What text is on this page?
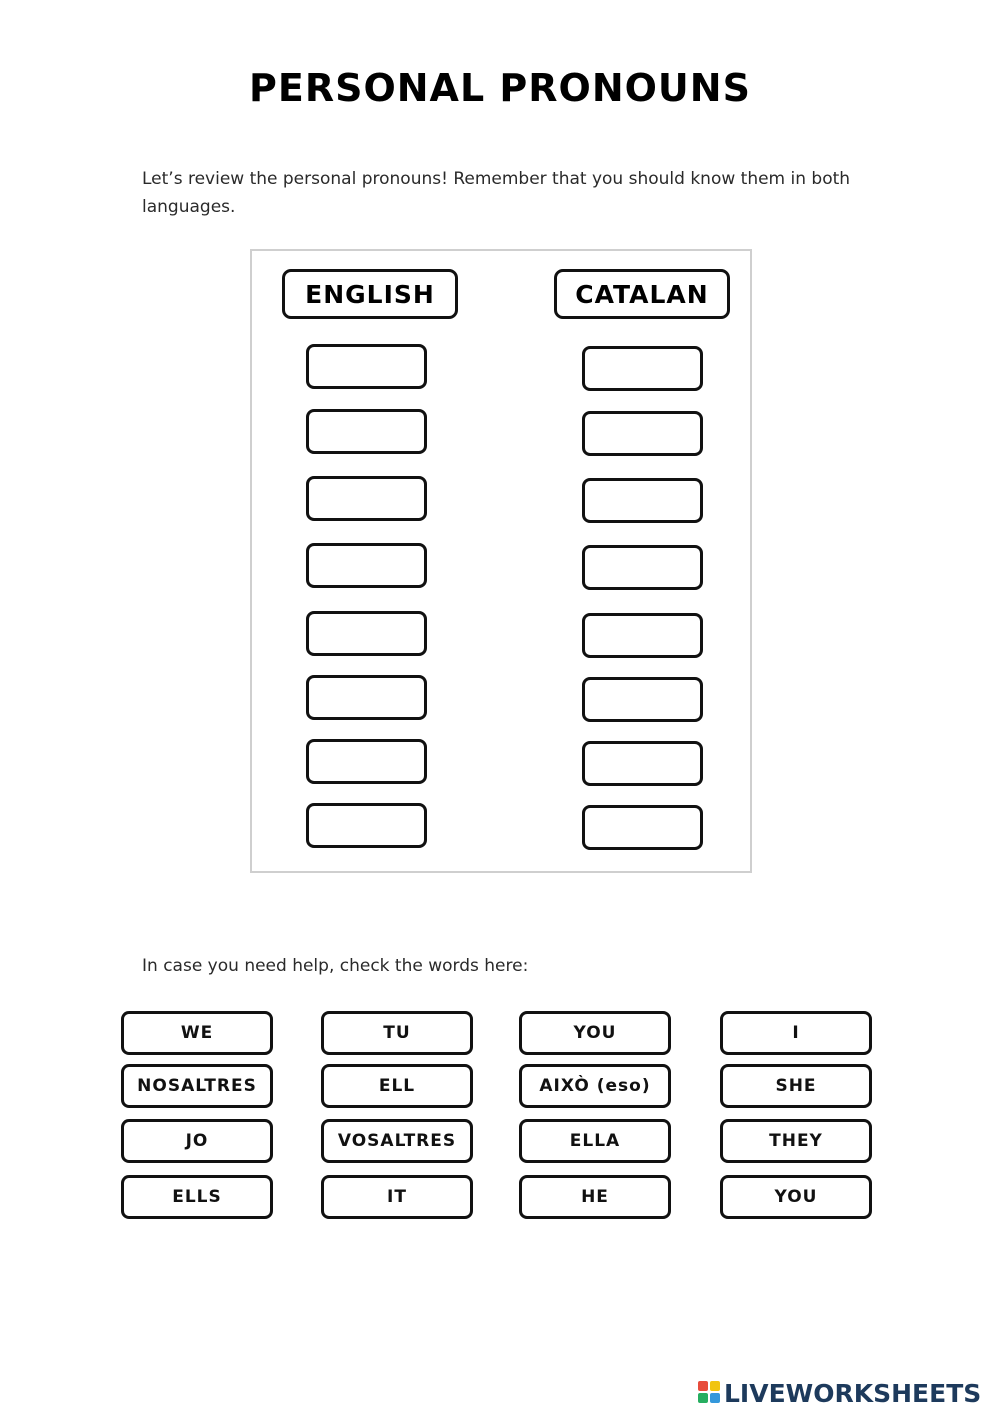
PERSONAL PRONOUNS
Let’s review the personal pronouns! Remember that you should know them in both languages.
ENGLISH	CATALAN
In case you need help, check the words here:
WE	TU	YOU	I
NOSALTRES	ELL	AIXÒ (eso)	SHE
JO	VOSALTRES	ELLA	THEY
ELLS	IT	HE	YOU
LIVEWORKSHEETS
